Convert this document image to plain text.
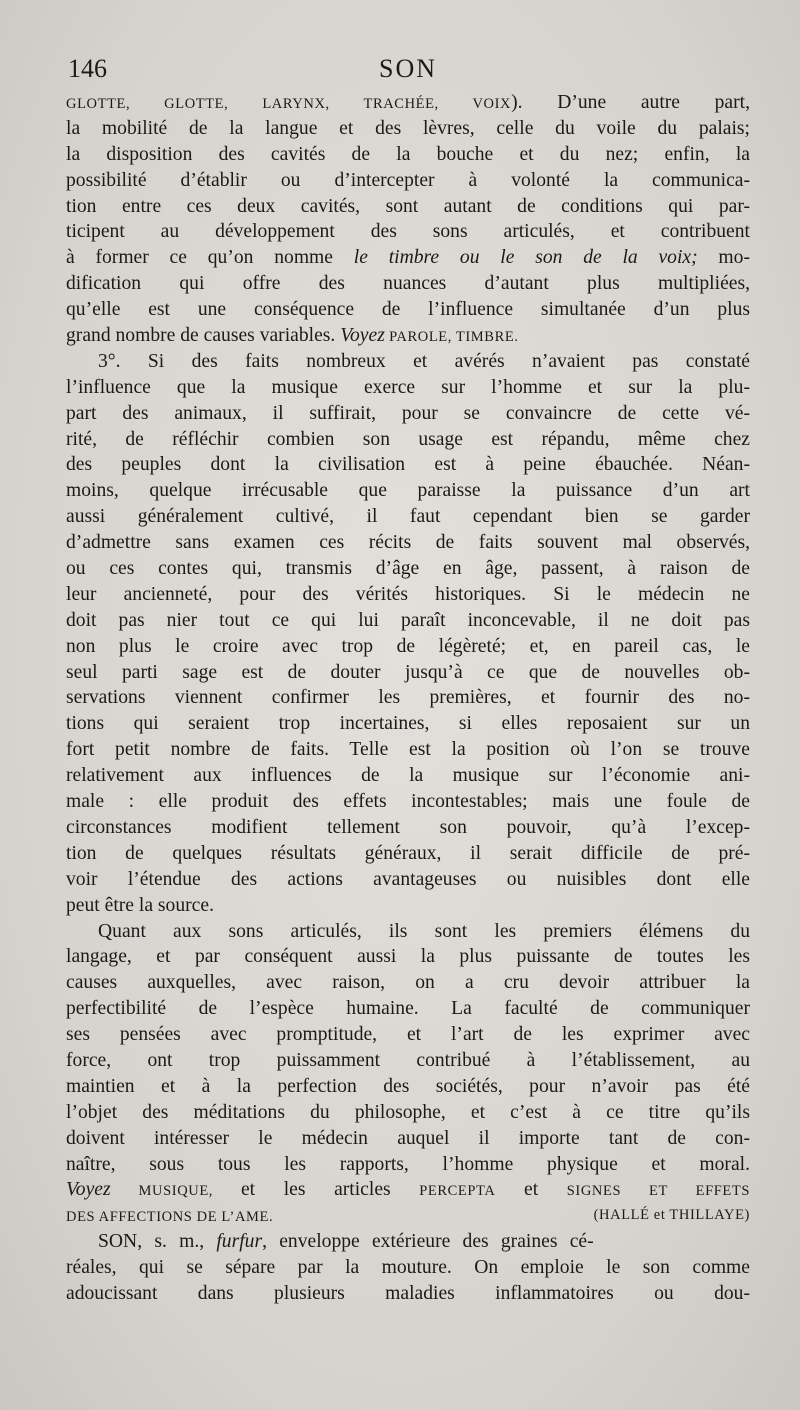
146	SON
GLOTTE, GLOTTE, LARYNX, TRACHÉE, VOIX). D’une autre part,
la mobilité de la langue et des lèvres, celle du voile du palais;
la disposition des cavités de la bouche et du nez; enfin, la
possibilité d’établir ou d’intercepter à volonté la communica-
tion entre ces deux cavités, sont autant de conditions qui par-
ticipent au développement des sons articulés, et contribuent
à former ce qu’on nomme le timbre ou le son de la voix; mo-
dification qui offre des nuances d’autant plus multipliées,
qu’elle est une conséquence de l’influence simultanée d’un plus
grand nombre de causes variables. Voyez PAROLE, TIMBRE.
3°. Si des faits nombreux et avérés n’avaient pas constaté
l’influence que la musique exerce sur l’homme et sur la plu-
part des animaux, il suffirait, pour se convaincre de cette vé-
rité, de réfléchir combien son usage est répandu, même chez
des peuples dont la civilisation est à peine ébauchée. Néan-
moins, quelque irrécusable que paraisse la puissance d’un art
aussi généralement cultivé, il faut cependant bien se garder
d’admettre sans examen ces récits de faits souvent mal observés,
ou ces contes qui, transmis d’âge en âge, passent, à raison de
leur ancienneté, pour des vérités historiques. Si le médecin ne
doit pas nier tout ce qui lui paraît inconcevable, il ne doit pas
non plus le croire avec trop de légèreté; et, en pareil cas, le
seul parti sage est de douter jusqu’à ce que de nouvelles ob-
servations viennent confirmer les premières, et fournir des no-
tions qui seraient trop incertaines, si elles reposaient sur un
fort petit nombre de faits. Telle est la position où l’on se trouve
relativement aux influences de la musique sur l’économie ani-
male : elle produit des effets incontestables; mais une foule de
circonstances modifient tellement son pouvoir, qu’à l’excep-
tion de quelques résultats généraux, il serait difficile de pré-
voir l’étendue des actions avantageuses ou nuisibles dont elle
peut être la source.
Quant aux sons articulés, ils sont les premiers élémens du
langage, et par conséquent aussi la plus puissante de toutes les
causes auxquelles, avec raison, on a cru devoir attribuer la
perfectibilité de l’espèce humaine. La faculté de communiquer
ses pensées avec promptitude, et l’art de les exprimer avec
force, ont trop puissamment contribué à l’établissement, au
maintien et à la perfection des sociétés, pour n’avoir pas été
l’objet des méditations du philosophe, et c’est à ce titre qu’ils
doivent intéresser le médecin auquel il importe tant de con-
naître, sous tous les rapports, l’homme physique et moral.
Voyez MUSIQUE, et les articles PERCEPTA et SIGNES ET EFFETS
DES AFFECTIONS DE L’AME.	(HALLÉ et THILLAYE)
SON, s. m., furfur, enveloppe extérieure des graines cé-
réales, qui se sépare par la mouture. On emploie le son comme
adoucissant dans plusieurs maladies inflammatoires ou dou-
